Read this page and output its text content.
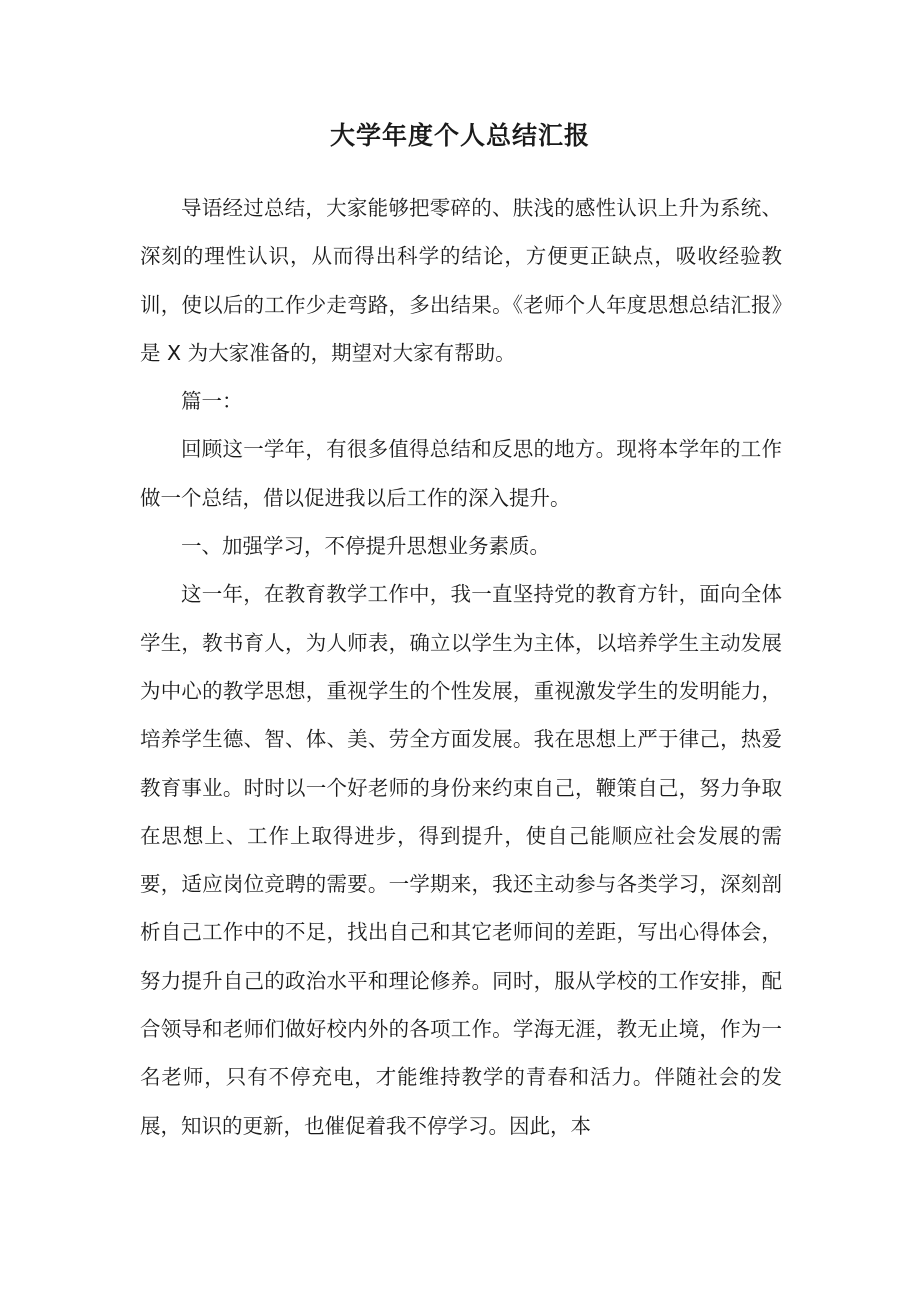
大学年度个人总结汇报

导语经过总结，大家能够把零碎的、肤浅的感性认识上升为系统、深刻的理性认识，从而得出科学的结论，方便更正缺点，吸收经验教训，使以后的工作少走弯路，多出结果。《老师个人年度思想总结汇报》是 X 为大家准备的，期望对大家有帮助。

篇一：

回顾这一学年，有很多值得总结和反思的地方。现将本学年的工作做一个总结，借以促进我以后工作的深入提升。

一、加强学习，不停提升思想业务素质。

这一年，在教育教学工作中，我一直坚持党的教育方针，面向全体学生，教书育人，为人师表，确立以学生为主体，以培养学生主动发展为中心的教学思想，重视学生的个性发展，重视激发学生的发明能力，培养学生德、智、体、美、劳全方面发展。我在思想上严于律己，热爱教育事业。时时以一个好老师的身份来约束自己，鞭策自己，努力争取在思想上、工作上取得进步，得到提升，使自己能顺应社会发展的需要，适应岗位竞聘的需要。一学期来，我还主动参与各类学习，深刻剖析自己工作中的不足，找出自己和其它老师间的差距，写出心得体会，努力提升自己的政治水平和理论修养。同时，服从学校的工作安排，配合领导和老师们做好校内外的各项工作。学海无涯，教无止境，作为一名老师，只有不停充电，才能维持教学的青春和活力。伴随社会的发展，知识的更新，也催促着我不停学习。因此，本
